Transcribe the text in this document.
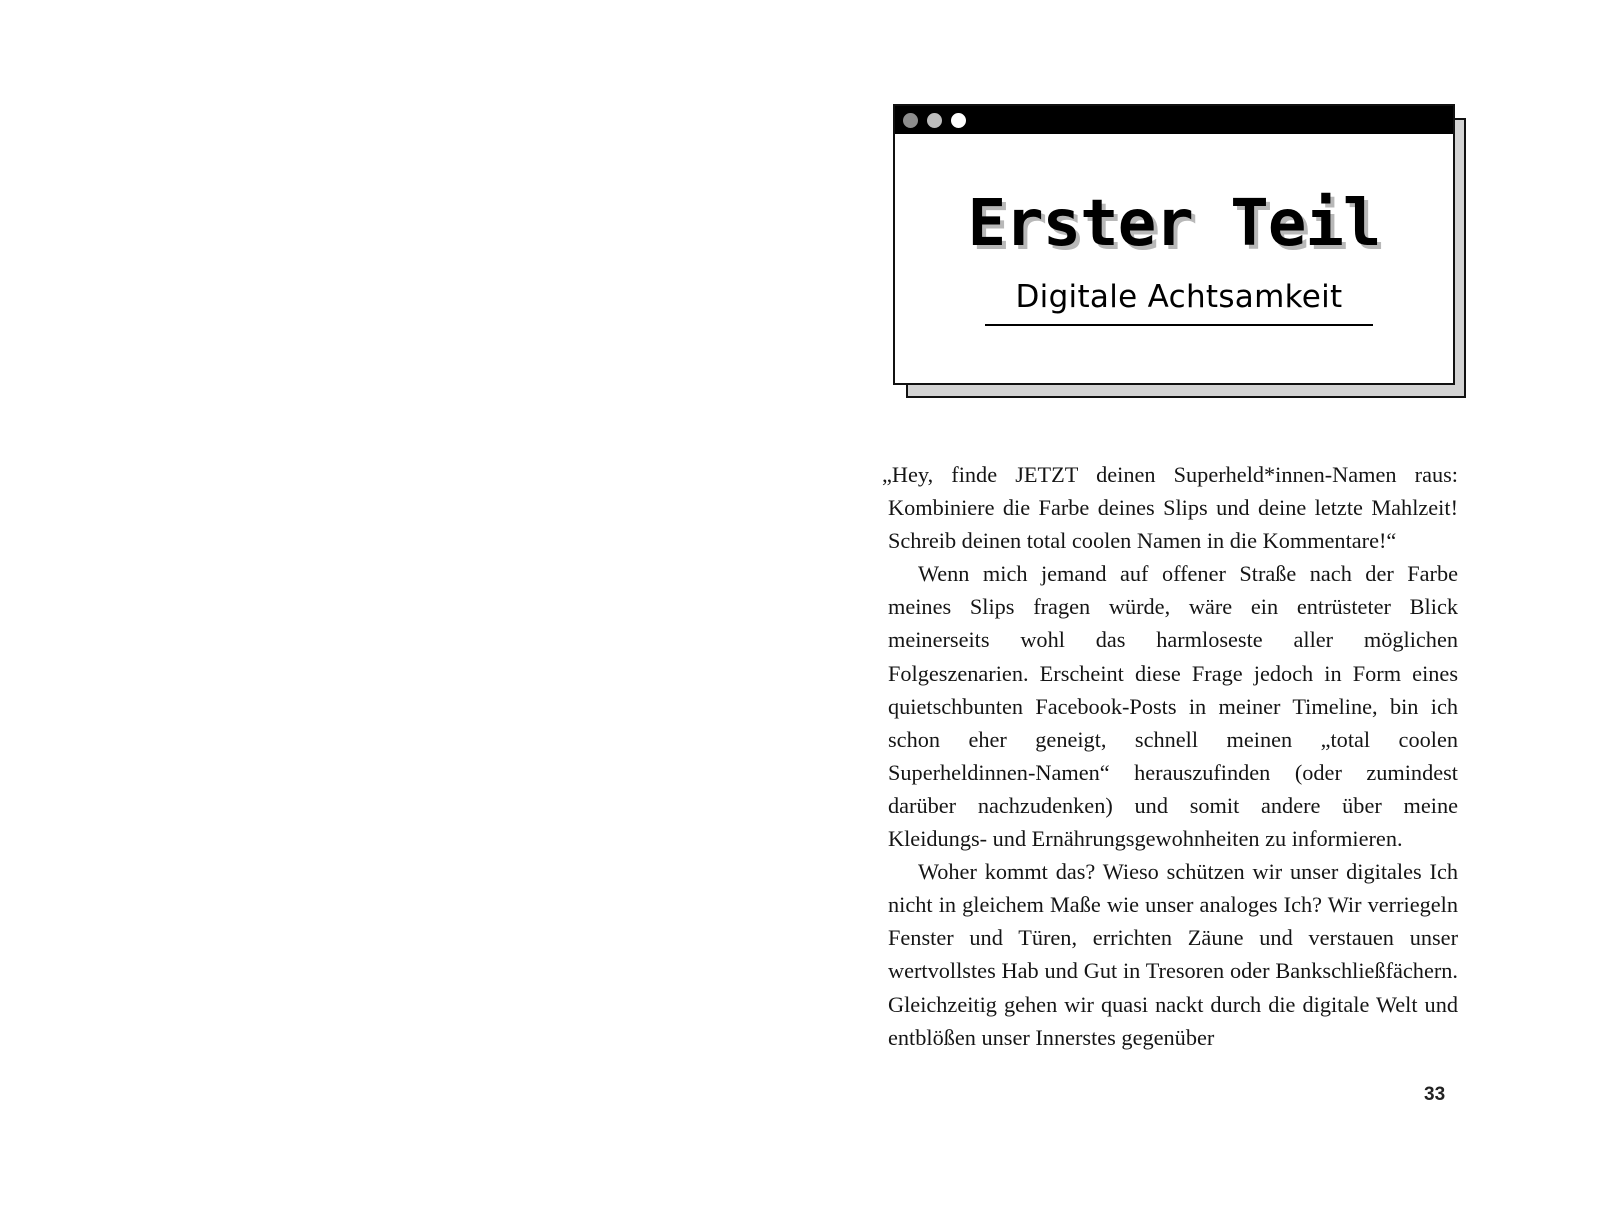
Erster Teil
Digitale Achtsamkeit

„Hey, finde JETZT deinen Superheld*innen-Namen raus: Kombiniere die Farbe deines Slips und deine letzte Mahlzeit! Schreib deinen total coolen Namen in die Kommentare!“

Wenn mich jemand auf offener Straße nach der Farbe meines Slips fragen würde, wäre ein entrüsteter Blick meinerseits wohl das harmloseste aller möglichen Folgeszenarien. Erscheint diese Frage jedoch in Form eines quietschbunten Facebook-Posts in meiner Timeline, bin ich schon eher geneigt, schnell meinen „total coolen Superheldinnen-Namen“ herauszufinden (oder zumindest darüber nachzudenken) und somit andere über meine Kleidungs- und Ernährungsgewohnheiten zu informieren.

Woher kommt das? Wieso schützen wir unser digitales Ich nicht in gleichem Maße wie unser analoges Ich? Wir verriegeln Fenster und Türen, errichten Zäune und verstauen unser wertvollstes Hab und Gut in Tresoren oder Bankschließfächern. Gleichzeitig gehen wir quasi nackt durch die digitale Welt und entblößen unser Innerstes gegenüber

33
